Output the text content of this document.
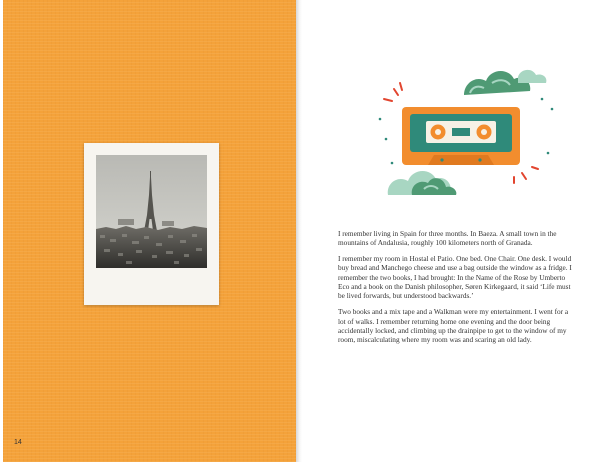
I remember living in Spain for three months. In Baeza. A small town in the mountains of Andalusia, roughly 100 kilometers north of Granada.

I remember my room in Hostal el Patio. One bed. One Chair. One desk. I would buy bread and Manchego cheese and use a bag outside the window as a fridge. I remember the two books, I had brought: In the Name of the Rose by Umberto Eco and a book on the Danish philosopher, Søren Kirkegaard, it said ‘Life must be lived forwards, but understood backwards.’

Two books and a mix tape and a Walkman were my entertainment. I went for a lot of walks. I remember returning home one evening and the door being accidentally locked, and climbing up the drainpipe to get to the window of my room, miscalculating where my room was and scaring an old lady.

14
